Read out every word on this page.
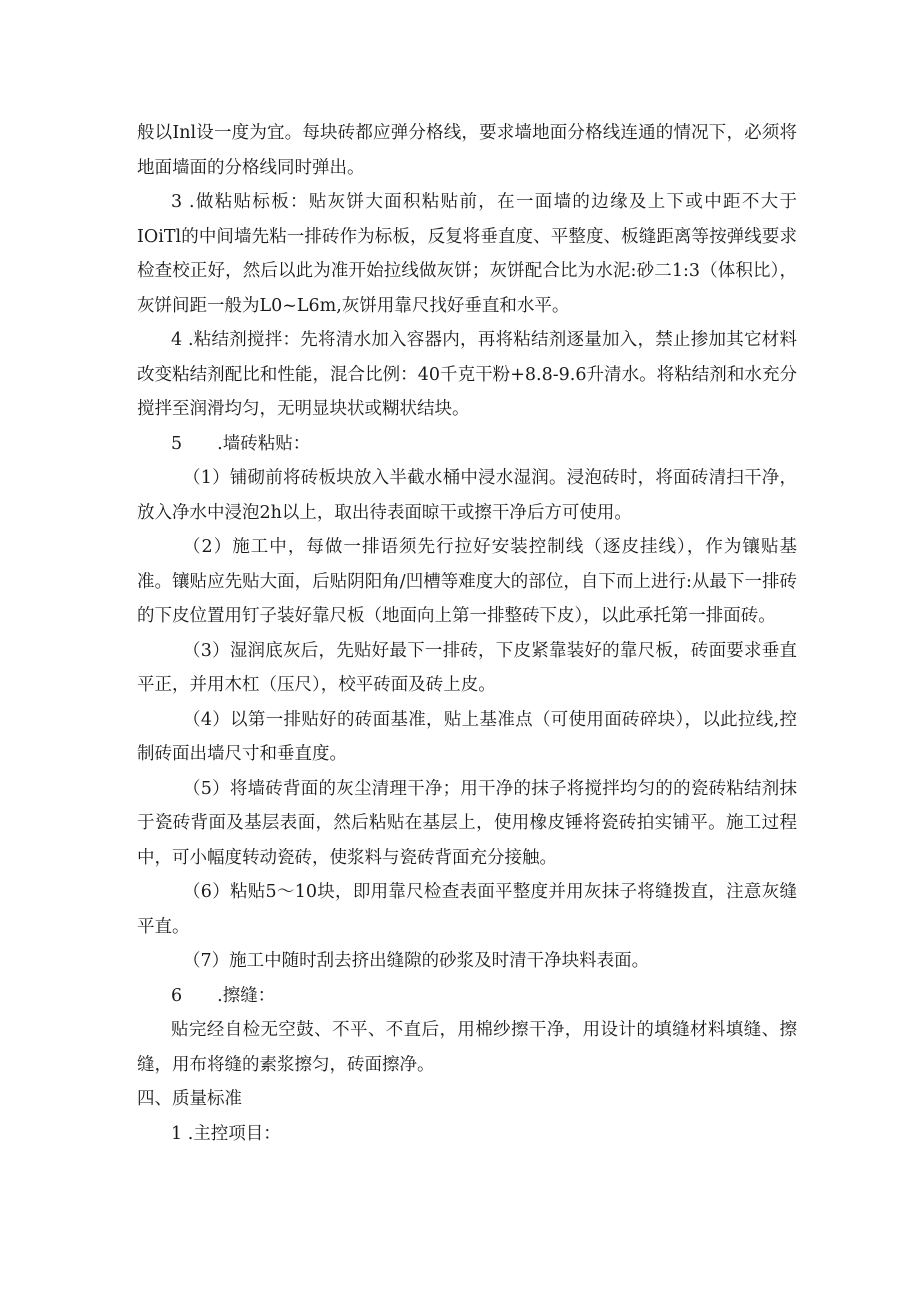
般以Inl设一度为宜。每块砖都应弹分格线，要求墙地面分格线连通的情况下，必须将地面墙面的分格线同时弹出。

3 .做粘贴标板：贴灰饼大面积粘贴前，在一面墙的边缘及上下或中距不大于IOiTl的中间墙先粘一排砖作为标板，反复将垂直度、平整度、板缝距离等按弹线要求检查校正好，然后以此为准开始拉线做灰饼；灰饼配合比为水泥:砂二1:3（体积比），灰饼间距一般为L0~L6m,灰饼用靠尺找好垂直和水平。

4 .粘结剂搅拌：先将清水加入容器内，再将粘结剂逐量加入，禁止掺加其它材料改变粘结剂配比和性能，混合比例：40千克干粉+8.8-9.6升清水。将粘结剂和水充分搅拌至润滑均匀，无明显块状或糊状结块。

5　　.墙砖粘贴：

（1）铺砌前将砖板块放入半截水桶中浸水湿润。浸泡砖时，将面砖清扫干净，放入净水中浸泡2h以上，取出待表面晾干或擦干净后方可使用。

（2）施工中，每做一排语须先行拉好安装控制线（逐皮挂线），作为镶贴基准。镶贴应先贴大面，后贴阴阳角/凹槽等难度大的部位，自下而上进行:从最下一排砖的下皮位置用钉子装好靠尺板（地面向上第一排整砖下皮），以此承托第一排面砖。

（3）湿润底灰后，先贴好最下一排砖，下皮紧靠装好的靠尺板，砖面要求垂直平正，并用木杠（压尺），校平砖面及砖上皮。

（4）以第一排贴好的砖面基准，贴上基准点（可使用面砖碎块），以此拉线,控制砖面出墙尺寸和垂直度。

（5）将墙砖背面的灰尘清理干净；用干净的抹子将搅拌均匀的的瓷砖粘结剂抹于瓷砖背面及基层表面，然后粘贴在基层上，使用橡皮锤将瓷砖拍实铺平。施工过程中，可小幅度转动瓷砖，使浆料与瓷砖背面充分接触。

（6）粘贴5～10块，即用靠尺检查表面平整度并用灰抹子将缝拨直，注意灰缝平直。

（7）施工中随时刮去挤出缝隙的砂浆及时清干净块料表面。

6　　.擦缝：

贴完经自检无空鼓、不平、不直后，用棉纱擦干净，用设计的填缝材料填缝、擦缝，用布将缝的素浆擦匀，砖面擦净。

四、质量标准

1 .主控项目：
